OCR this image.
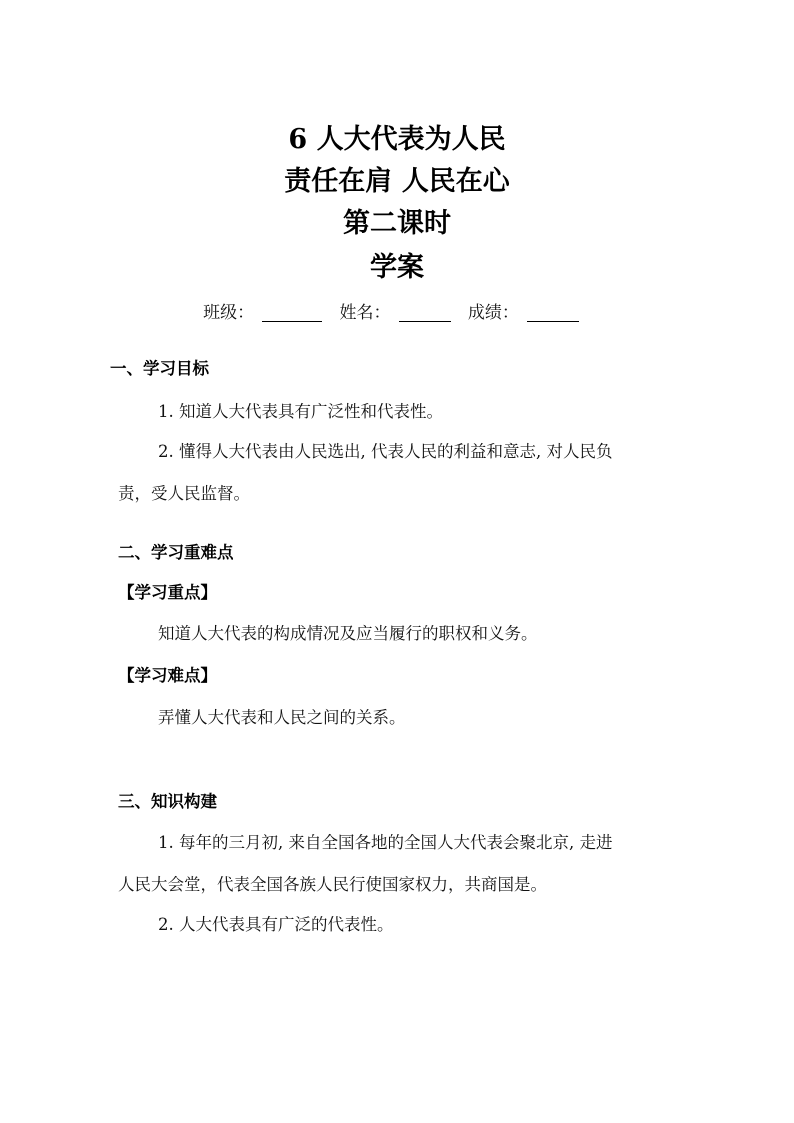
6 人大代表为人民
责任在肩 人民在心
第二课时
学案
班级：	姓名：	成绩：
一、学习目标
1. 知道人大代表具有广泛性和代表性。
2. 懂得人大代表由人民选出, 代表人民的利益和意志, 对人民负
责，受人民监督。
二、学习重难点
【学习重点】
知道人大代表的构成情况及应当履行的职权和义务。
【学习难点】
弄懂人大代表和人民之间的关系。
三、知识构建
1. 每年的三月初, 来自全国各地的全国人大代表会聚北京, 走进
人民大会堂，代表全国各族人民行使国家权力，共商国是。
2. 人大代表具有广泛的代表性。
